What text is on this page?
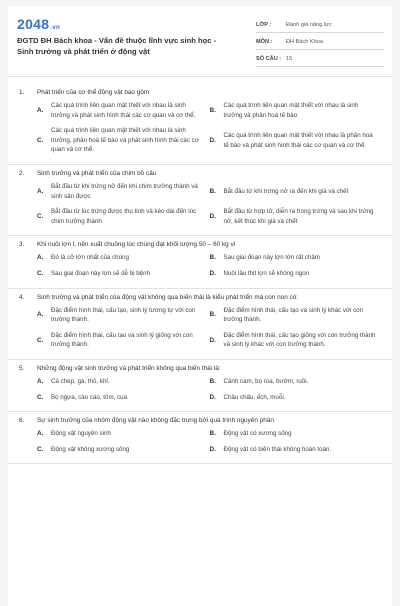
2048.vn
ĐGTD ĐH Bách khoa - Vấn đề thuộc lĩnh vực sinh học -
Sinh trưởng và phát triển ở động vật
LỚP :	Đánh giá năng lực
MÔN :	ĐH Bách Khoa
SỐ CÂU : 15
1.	Phát triển của cơ thể động vật bao gồm
A.
Các quá trình liên quan mật thiết với nhau là sinh trưởng và phát sinh hình thái các cơ quan và cơ thể.
B.
Các quá trình liên quan mật thiết với nhau là sinh trưởng và phân hoá tế bào
C.
Các quá trình liên quan mật thiết với nhau là sinh trưởng, phân hoá tế bào và phát sinh hình thái các cơ quan và cơ thể.
D.
Các quá trình liên quan mật thiết với nhau là phân hoá tế bào và phát sinh hình thái các cơ quan và cơ thể.
2.	Sinh trưởng và phát triển của chim bồ câu
A.
Bắt đầu từ khi trứng nở đến khi chim trưởng thành và sinh sản được
B.	Bắt đầu từ khi trứng nở ra đến khi già và chết
C.
Bắt đầu từ lúc trứng được thụ tinh và kéo dài đến lúc chim trưởng thành
D.
Bắt đầu từ hợp tử, diễn ra trong trứng và sau khi trứng nở, kết thúc khi già và chết
3.	Khi nuôi lợn ỉ, nên xuất chuồng lúc chúng đạt khối lượng 50 – 60 kg vì
A.	Đó là cỡ lớn nhất của chúng	B.	Sau giai đoạn này lợn lớn rất chậm
C.	Sau giai đoạn này lợn sẽ dễ bị bệnh	D.	Nuôi lâu thịt lợn sẽ không ngon
4.	Sinh trưởng và phát triển của động vật không qua biến thái là kiểu phát triển mà con non có:
A.
Đặc điểm hình thái, cấu tạo, sinh lý tương tự với con trưởng thành.
B.
Đặc điểm hình thái, cấu tạo và sinh lý khác với con trưởng thành.
C.
Đặc điểm hình thái, cấu tạo và sinh lý giống với con trưởng thành.
D.
Đặc điểm hình thái, cấu tạo giống với con trưởng thành và sinh lý khác với con trưởng thành.
5.	Những động vật sinh trưởng và phát triển không qua biến thái là:
A.	Cá chép, gà, thỏ, khỉ.	B.	Cánh cam, bọ rùa, bướm, ruồi.
C.	Bọ ngựa, cào cào, tôm, cua	D.	Châu chấu, ếch, muỗi.
6.	Sự sinh trưởng của nhóm động vật nào không đặc trưng bởi quá trình nguyên phân
A.	Động vật nguyên sinh	B.	Động vật có xương sống
C.	Động vật không xương sống	D.	Động vật có biến thái không hoàn toàn.
